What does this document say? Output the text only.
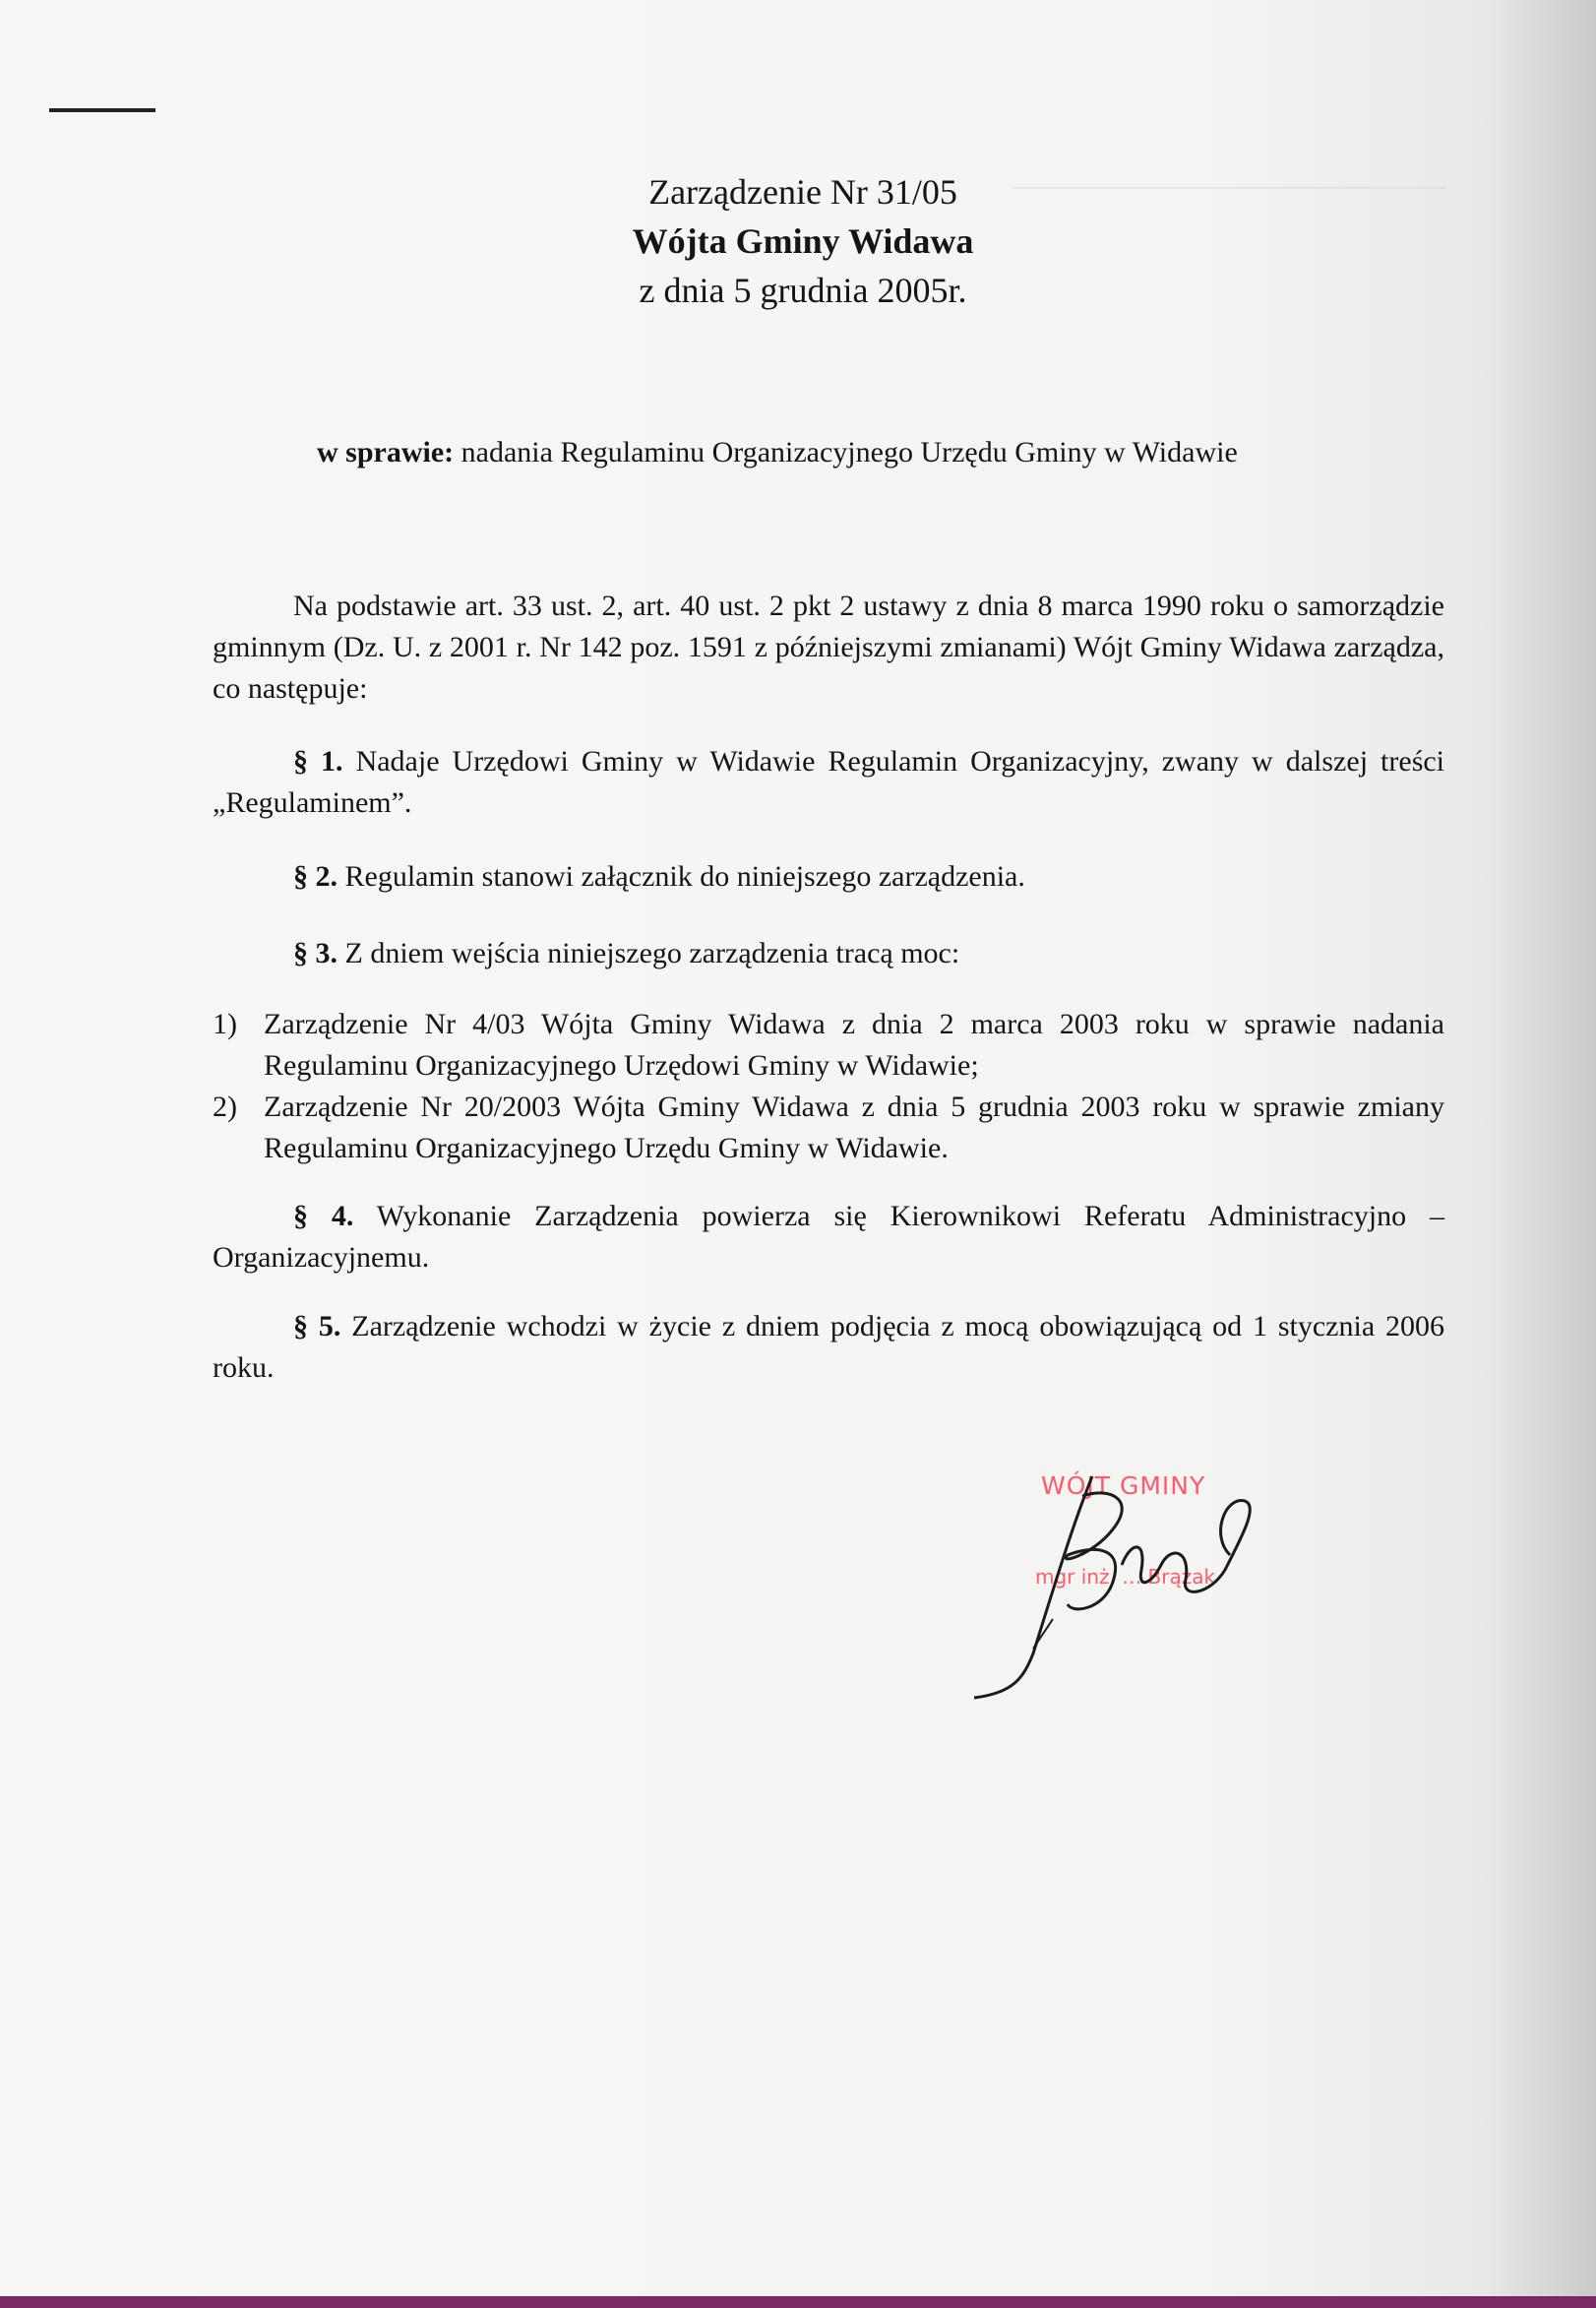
Zarządzenie Nr 31/05
Wójta Gminy Widawa
z dnia 5 grudnia 2005r.
w sprawie: nadania Regulaminu Organizacyjnego Urzędu Gminy w Widawie
Na podstawie art. 33 ust. 2, art. 40 ust. 2 pkt 2 ustawy z dnia 8 marca 1990 roku o samorządzie gminnym (Dz. U. z 2001 r. Nr 142 poz. 1591 z późniejszymi zmianami) Wójt Gminy Widawa zarządza, co następuje:
§ 1. Nadaje Urzędowi Gminy w Widawie Regulamin Organizacyjny, zwany w dalszej treści „Regulaminem”.
§ 2. Regulamin stanowi załącznik do niniejszego zarządzenia.
§ 3. Z dniem wejścia niniejszego zarządzenia tracą moc:
1) Zarządzenie Nr 4/03 Wójta Gminy Widawa z dnia 2 marca 2003 roku w sprawie nadania Regulaminu Organizacyjnego Urzędowi Gminy w Widawie;
2) Zarządzenie Nr 20/2003 Wójta Gminy Widawa z dnia 5 grudnia 2003 roku w sprawie zmiany Regulaminu Organizacyjnego Urzędu Gminy w Widawie.
§ 4. Wykonanie Zarządzenia powierza się Kierownikowi Referatu Administracyjno – Organizacyjnemu.
§ 5. Zarządzenie wchodzi w życie z dniem podjęcia z mocą obowiązującą od 1 stycznia 2006 roku.
WÓJT GMINY
mgr inż. … Brążak
